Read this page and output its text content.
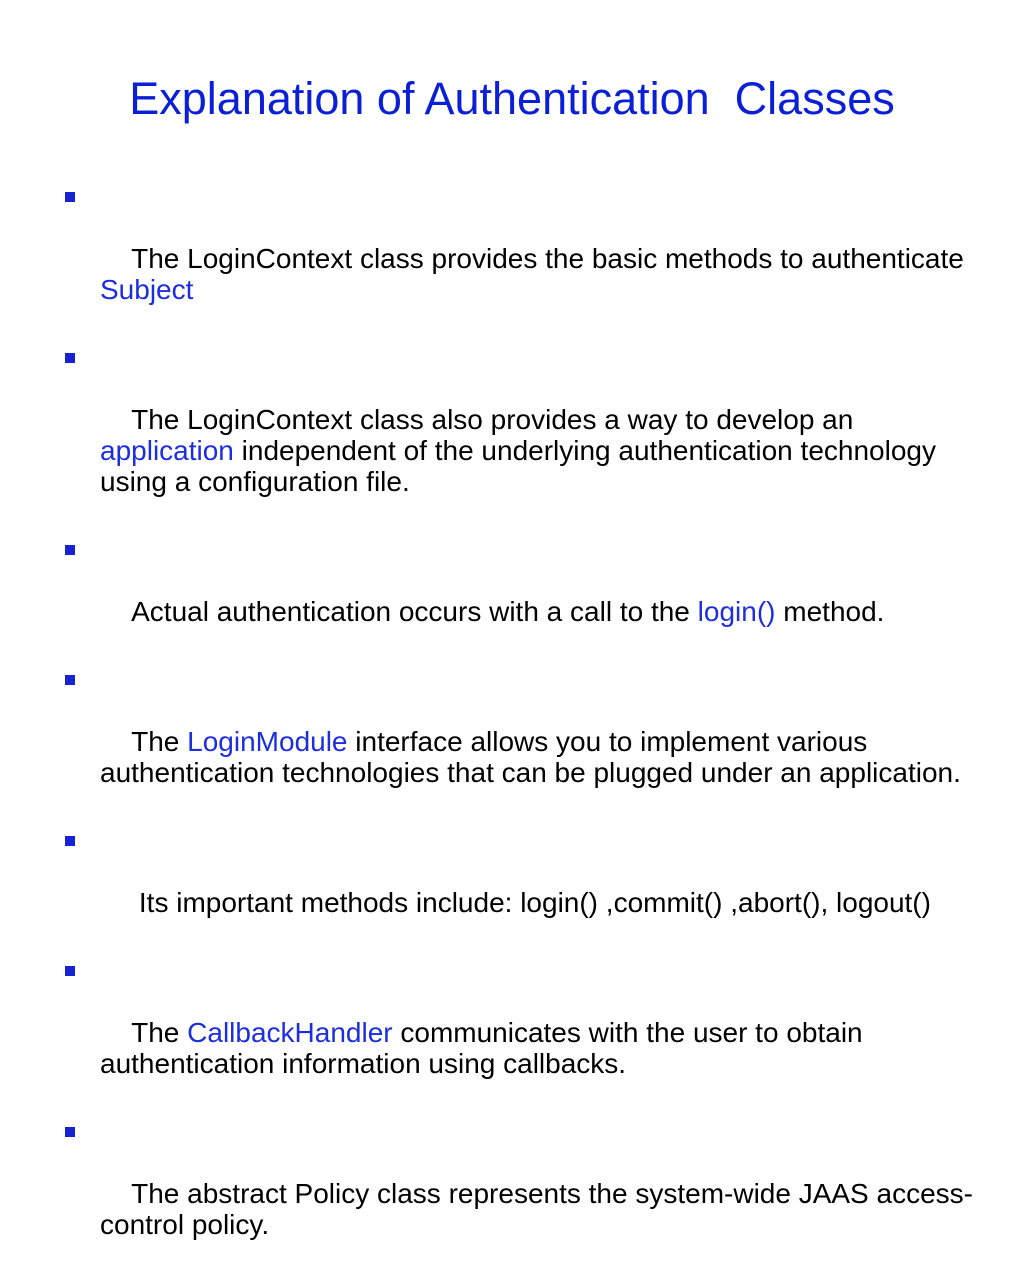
Explanation of Authentication  Classes

The LoginContext class provides the basic methods to authenticate Subject

The LoginContext class also provides a way to develop an application independent of the underlying authentication technology using a configuration file.

Actual authentication occurs with a call to the login() method.

The LoginModule interface allows you to implement various authentication technologies that can be plugged under an application.

Its important methods include: login() ,commit() ,abort(), logout()

The CallbackHandler communicates with the user to obtain authentication information using callbacks.

The abstract Policy class represents the system-wide JAAS access-control policy.
